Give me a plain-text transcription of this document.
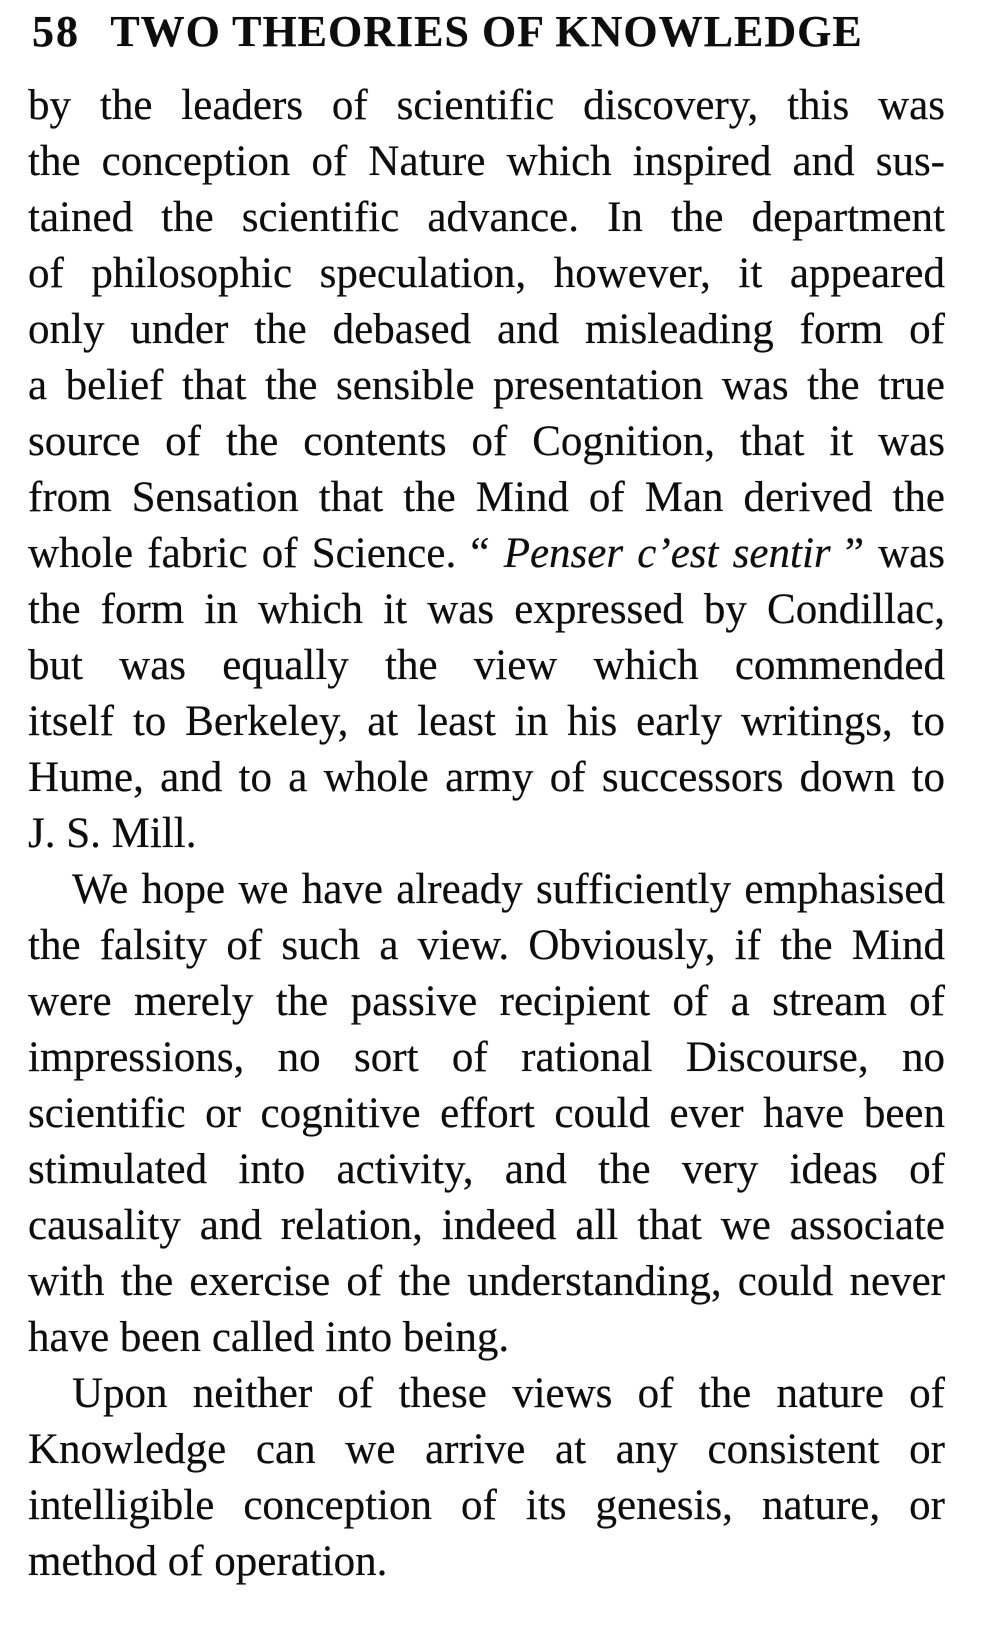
58 TWO THEORIES OF KNOWLEDGE
by the leaders of scientific discovery, this was
the conception of Nature which inspired and sus-
tained the scientific advance. In the department
of philosophic speculation, however, it appeared
only under the debased and misleading form of
a belief that the sensible presentation was the true
source of the contents of Cognition, that it was
from Sensation that the Mind of Man derived the
whole fabric of Science. “ Penser c’est sentir ” was
the form in which it was expressed by Condillac,
but was equally the view which commended
itself to Berkeley, at least in his early writings, to
Hume, and to a whole army of successors down to
J. S. Mill.
We hope we have already sufficiently emphasised
the falsity of such a view. Obviously, if the Mind
were merely the passive recipient of a stream of
impressions, no sort of rational Discourse, no
scientific or cognitive effort could ever have been
stimulated into activity, and the very ideas of
causality and relation, indeed all that we associate
with the exercise of the understanding, could never
have been called into being.
Upon neither of these views of the nature of
Knowledge can we arrive at any consistent or
intelligible conception of its genesis, nature, or
method of operation.
